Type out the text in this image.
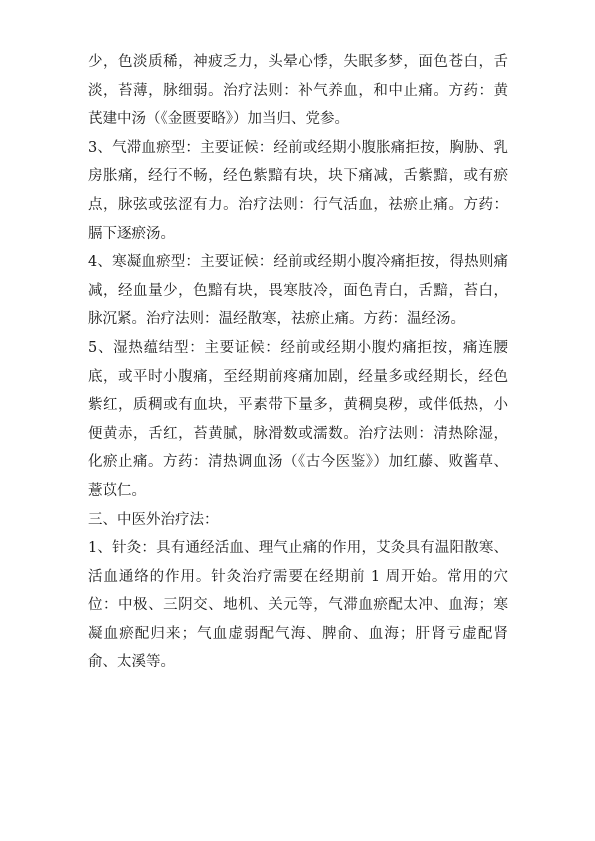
少，色淡质稀，神疲乏力，头晕心悸，失眠多梦，面色苍白，舌淡，苔薄，脉细弱。治疗法则：补气养血，和中止痛。方药：黄芪建中汤（《金匮要略》）加当归、党参。

3、气滞血瘀型：主要证候：经前或经期小腹胀痛拒按，胸胁、乳房胀痛，经行不畅，经色紫黯有块，块下痛减，舌紫黯，或有瘀点，脉弦或弦涩有力。治疗法则：行气活血，祛瘀止痛。方药：膈下逐瘀汤。

4、寒凝血瘀型：主要证候：经前或经期小腹冷痛拒按，得热则痛减，经血量少，色黯有块，畏寒肢冷，面色青白，舌黯，苔白，脉沉紧。治疗法则：温经散寒，祛瘀止痛。方药：温经汤。

5、湿热蕴结型：主要证候：经前或经期小腹灼痛拒按，痛连腰底，或平时小腹痛，至经期前疼痛加剧，经量多或经期长，经色紫红，质稠或有血块，平素带下量多，黄稠臭秽，或伴低热，小便黄赤，舌红，苔黄腻，脉滑数或濡数。治疗法则：清热除湿，化瘀止痛。方药：清热调血汤（《古今医鉴》）加红藤、败酱草、薏苡仁。

三、中医外治疗法：

1、针灸：具有通经活血、理气止痛的作用，艾灸具有温阳散寒、活血通络的作用。针灸治疗需要在经期前 1 周开始。常用的穴位：中极、三阴交、地机、关元等，气滞血瘀配太冲、血海；寒凝血瘀配归来；气血虚弱配气海、脾俞、血海；肝肾亏虚配肾俞、太溪等。
